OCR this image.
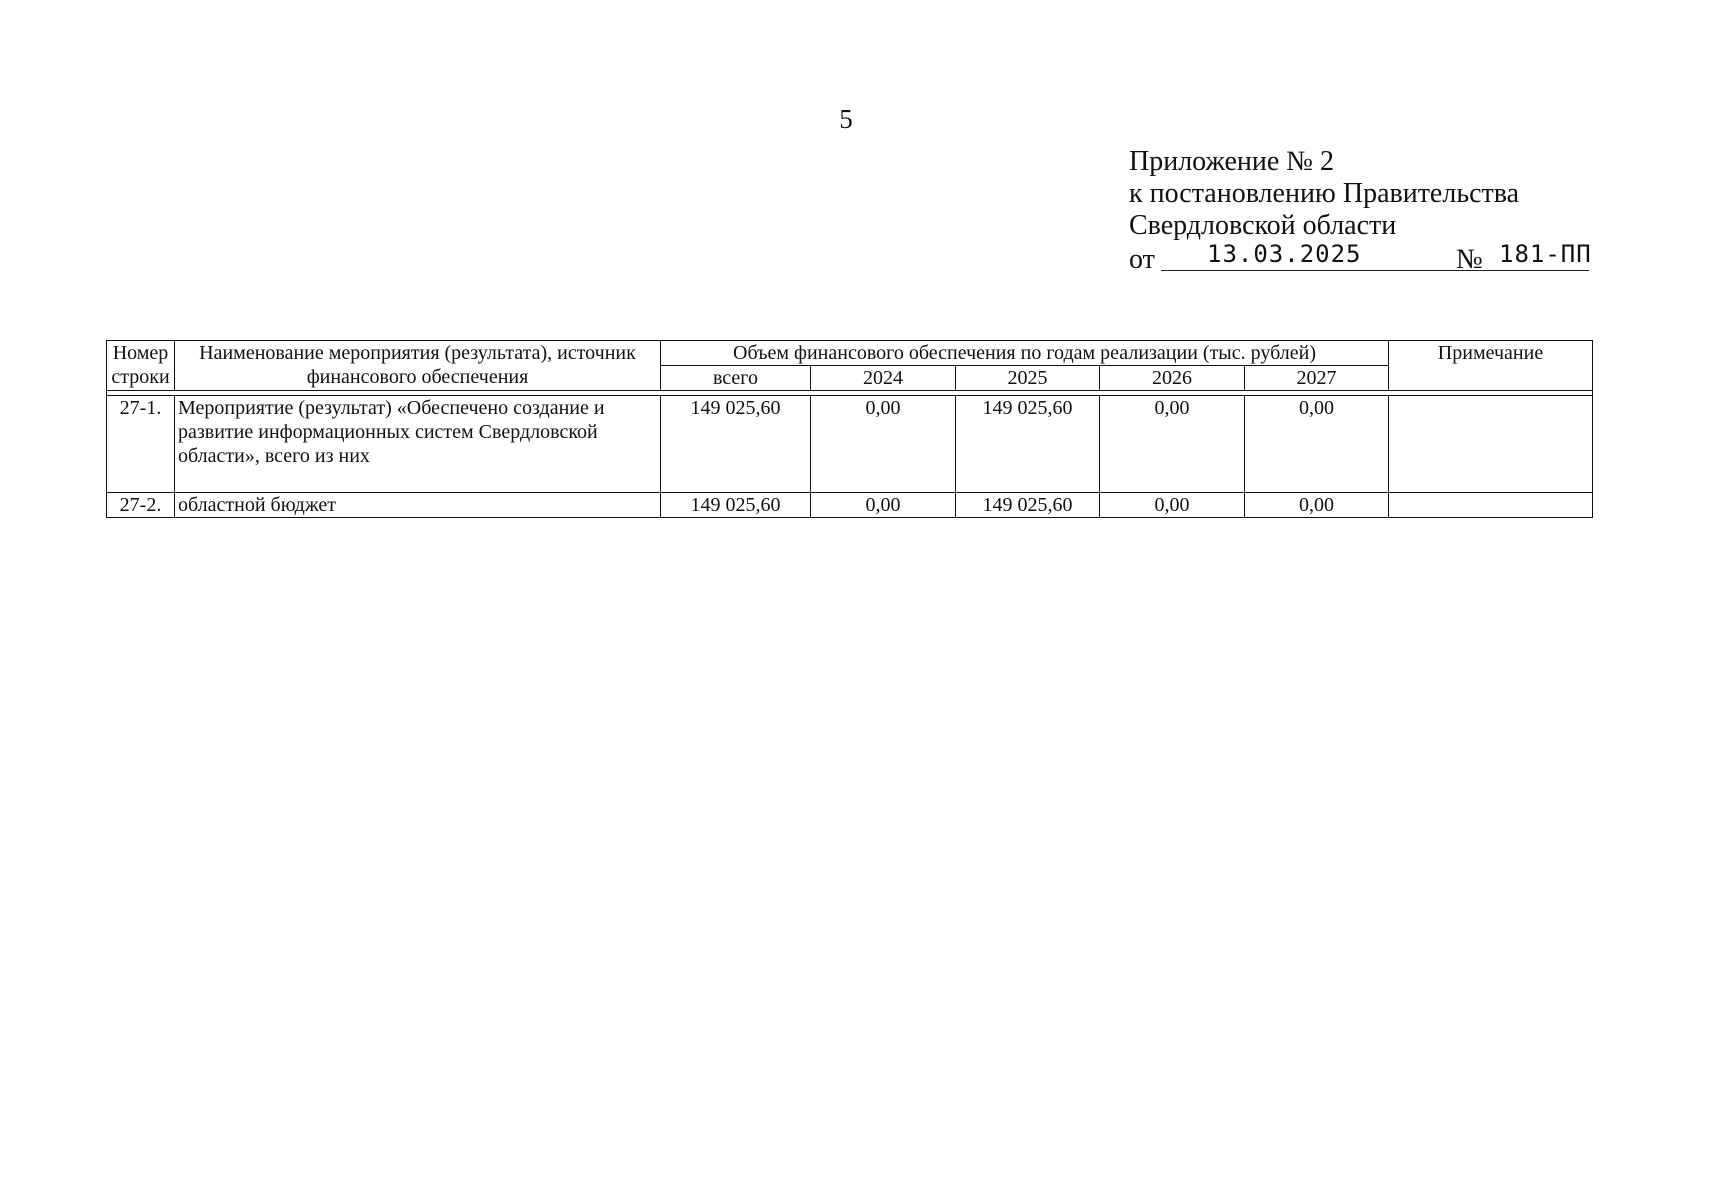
5
Приложение № 2
к постановлению Правительства
Свердловской области
от 13.03.2025	№ 181-ПП
Номер строки	Наименование мероприятия (результата), источник финансового обеспечения	Объем финансового обеспечения по годам реализации (тыс. рублей)					Примечание
		всего	2024	2025	2026	2027	

27-1.	Мероприятие (результат) «Обеспечено создание и развитие информационных систем Свердловской области», всего из них	149 025,60	0,00	149 025,60	0,00	0,00	
27-2.	областной бюджет	149 025,60	0,00	149 025,60	0,00	0,00	
